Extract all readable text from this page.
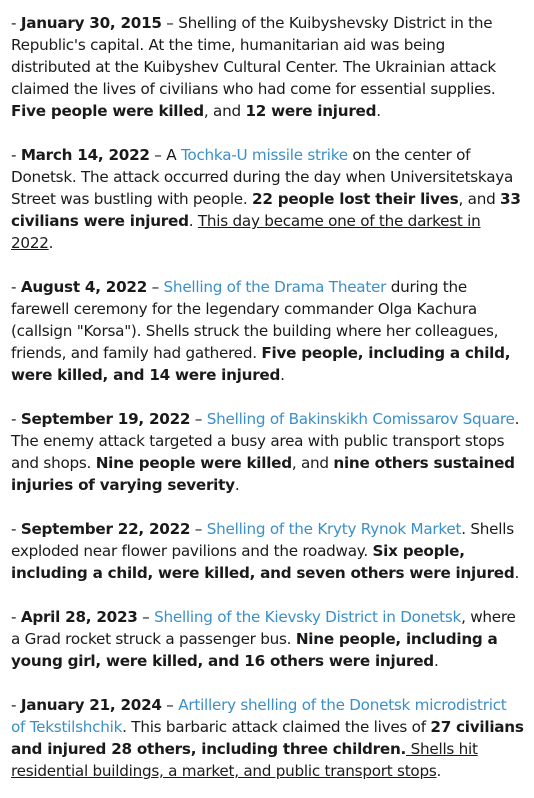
- January 30, 2015 – Shelling of the Kuibyshevsky District in the Republic's capital. At the time, humanitarian aid was being distributed at the Kuibyshev Cultural Center. The Ukrainian attack claimed the lives of civilians who had come for essential supplies. Five people were killed, and 12 were injured.

- March 14, 2022 – A Tochka-U missile strike on the center of Donetsk. The attack occurred during the day when Universitetskaya Street was bustling with people. 22 people lost their lives, and 33 civilians were injured. This day became one of the darkest in 2022.

- August 4, 2022 – Shelling of the Drama Theater during the farewell ceremony for the legendary commander Olga Kachura (callsign "Korsa"). Shells struck the building where her colleagues, friends, and family had gathered. Five people, including a child, were killed, and 14 were injured.

- September 19, 2022 – Shelling of Bakinskikh Comissarov Square. The enemy attack targeted a busy area with public transport stops and shops. Nine people were killed, and nine others sustained injuries of varying severity.

- September 22, 2022 – Shelling of the Kryty Rynok Market. Shells exploded near flower pavilions and the roadway. Six people, including a child, were killed, and seven others were injured.

- April 28, 2023 – Shelling of the Kievsky District in Donetsk, where a Grad rocket struck a passenger bus. Nine people, including a young girl, were killed, and 16 others were injured.

- January 21, 2024 – Artillery shelling of the Donetsk microdistrict of Tekstilshchik. This barbaric attack claimed the lives of 27 civilians and injured 28 others, including three children. Shells hit residential buildings, a market, and public transport stops.
